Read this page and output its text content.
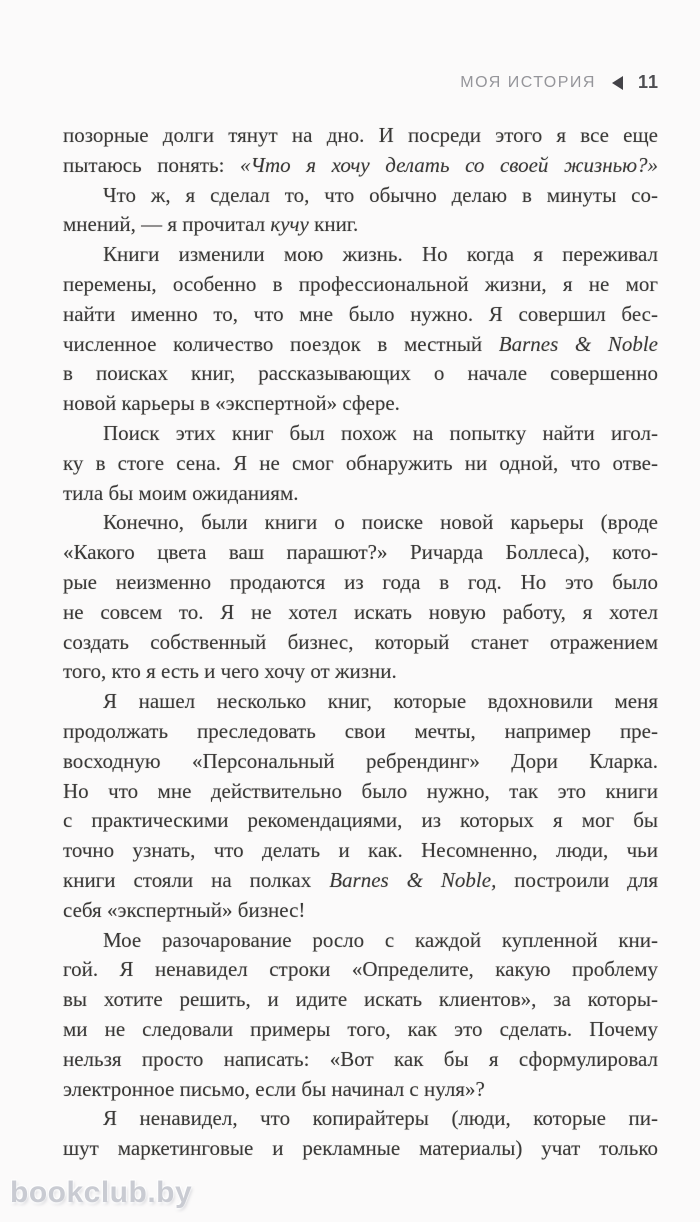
МОЯ ИСТОРИЯ 11
позорные долги тянут на дно. И посреди этого я все еще
пытаюсь понять: «Что я хочу делать со своей жизнью?»
Что ж, я сделал то, что обычно делаю в минуты со-
мнений, — я прочитал кучу книг.
Книги изменили мою жизнь. Но когда я переживал
перемены, особенно в профессиональной жизни, я не мог
найти именно то, что мне было нужно. Я совершил бес-
численное количество поездок в местный Barnes & Noble
в поисках книг, рассказывающих о начале совершенно
новой карьеры в «экспертной» сфере.
Поиск этих книг был похож на попытку найти игол-
ку в стоге сена. Я не смог обнаружить ни одной, что отве-
тила бы моим ожиданиям.
Конечно, были книги о поиске новой карьеры (вроде
«Какого цвета ваш парашют?» Ричарда Боллеса), кото-
рые неизменно продаются из года в год. Но это было
не совсем то. Я не хотел искать новую работу, я хотел
создать собственный бизнес, который станет отражением
того, кто я есть и чего хочу от жизни.
Я нашел несколько книг, которые вдохновили меня
продолжать преследовать свои мечты, например пре-
восходную «Персональный ребрендинг» Дори Кларка.
Но что мне действительно было нужно, так это книги
с практическими рекомендациями, из которых я мог бы
точно узнать, что делать и как. Несомненно, люди, чьи
книги стояли на полках Barnes & Noble, построили для
себя «экспертный» бизнес!
Мое разочарование росло с каждой купленной кни-
гой. Я ненавидел строки «Определите, какую проблему
вы хотите решить, и идите искать клиентов», за которы-
ми не следовали примеры того, как это сделать. Почему
нельзя просто написать: «Вот как бы я сформулировал
электронное письмо, если бы начинал с нуля»?
Я ненавидел, что копирайтеры (люди, которые пи-
шут маркетинговые и рекламные материалы) учат только
bookclub.by
